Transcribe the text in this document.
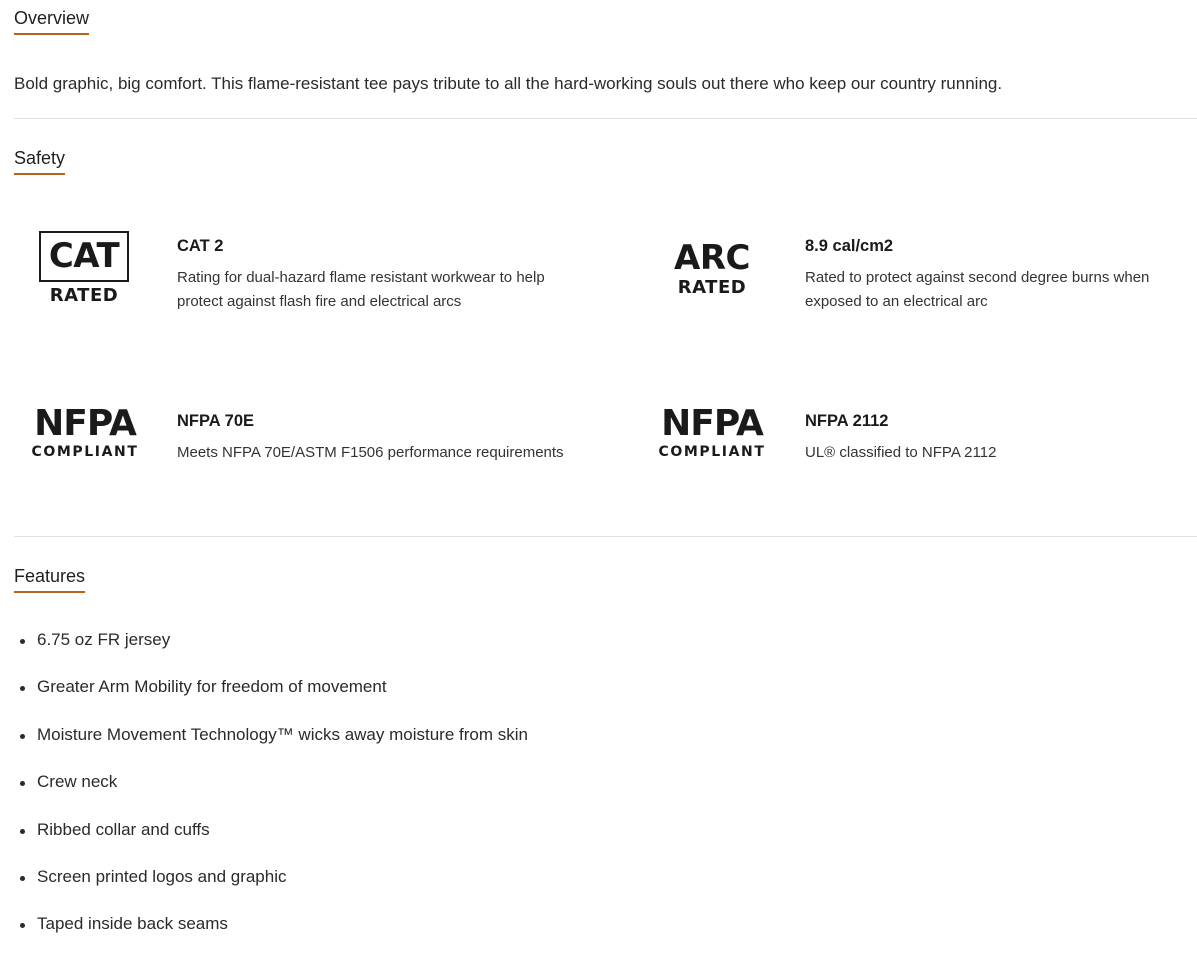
Overview
Bold graphic, big comfort. This flame-resistant tee pays tribute to all the hard-working souls out there who keep our country running.
Safety
CAT
RATED
CAT 2
Rating for dual-hazard flame resistant workwear to help protect against flash fire and electrical arcs
ARC
RATED
8.9 cal/cm2
Rated to protect against second degree burns when exposed to an electrical arc
NFPA
COMPLIANT
NFPA 70E
Meets NFPA 70E/ASTM F1506 performance requirements
NFPA
COMPLIANT
NFPA 2112
UL® classified to NFPA 2112
Features
6.75 oz FR jersey
Greater Arm Mobility for freedom of movement
Moisture Movement Technology™ wicks away moisture from skin
Crew neck
Ribbed collar and cuffs
Screen printed logos and graphic
Taped inside back seams
